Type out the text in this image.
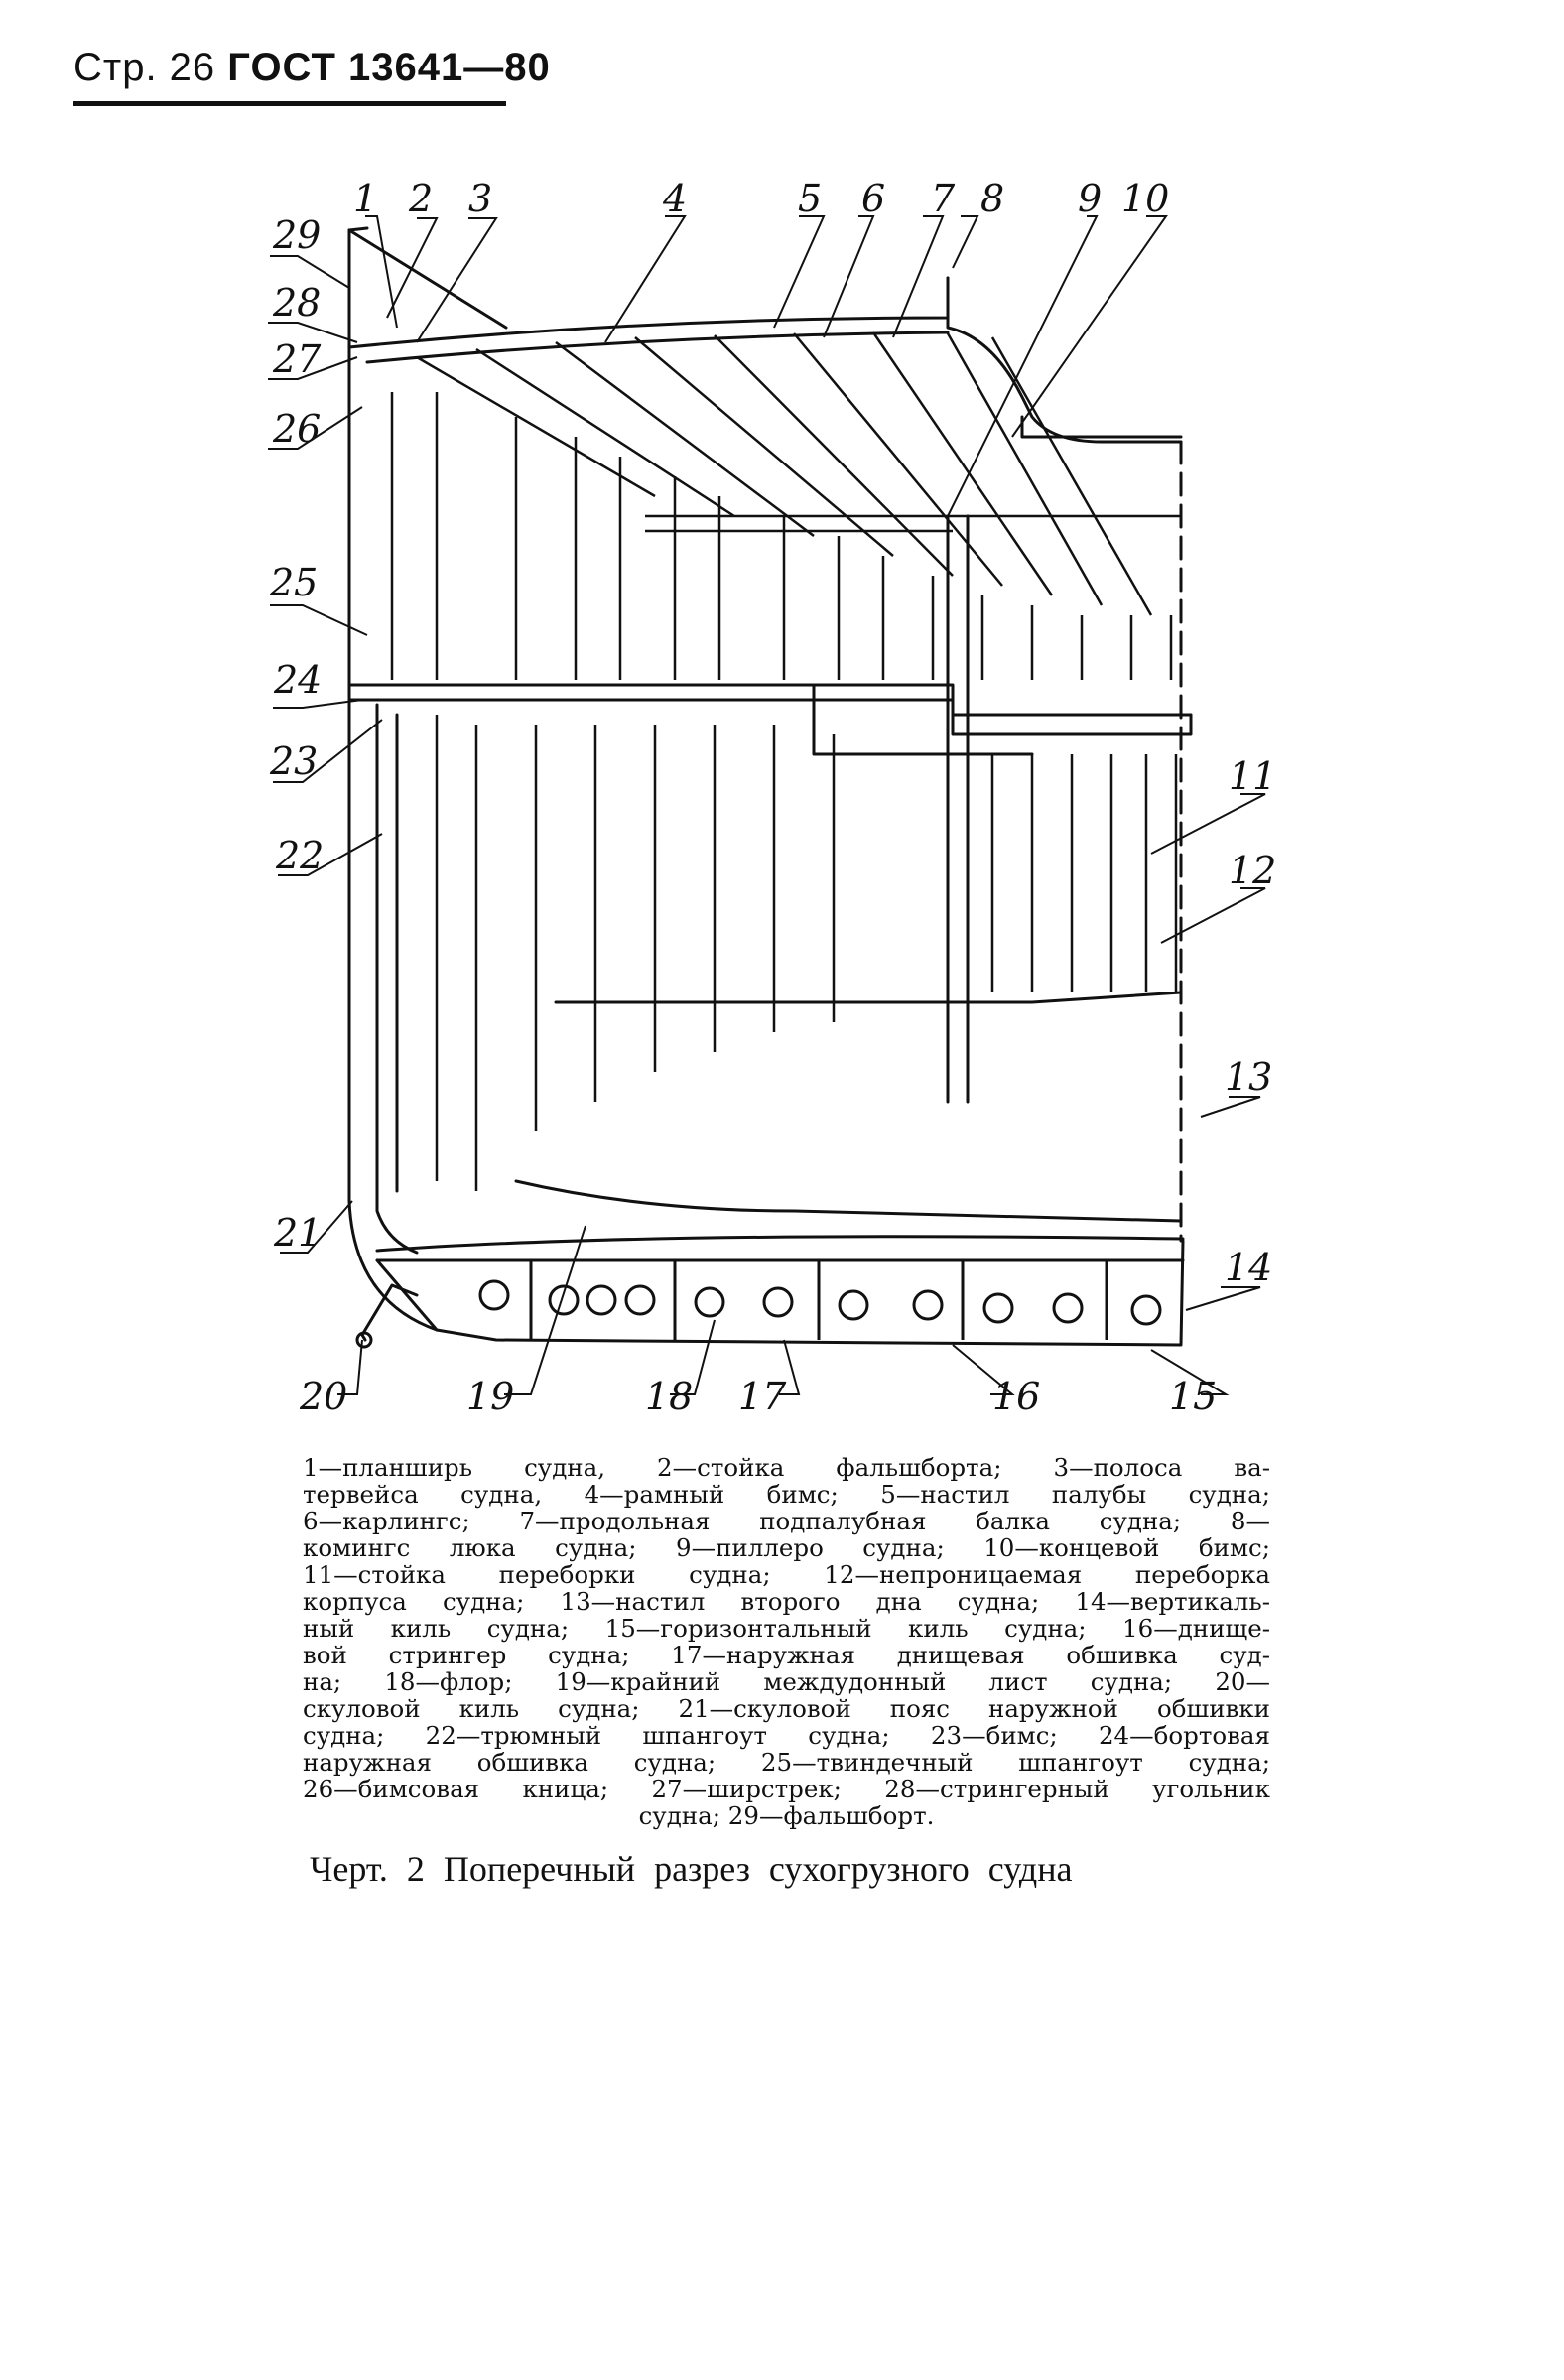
Стр. 26 ГОСТ 13641—80
1 2 3	4	5 6 7 8 9 10
11
12
13
14
15
16
17
18
19
20
21
22
23
24
25
26
27
28
29
1—планширь судна, 2—стойка фальшборта; 3—полоса ва-
тервейса судна, 4—рамный бимс; 5—настил палубы судна;
6—карлингс; 7—продольная подпалубная балка судна; 8—
комингс люка судна; 9—пиллеро судна; 10—концевой бимс;
11—стойка переборки судна; 12—непроницаемая переборка
корпуса судна; 13—настил второго дна судна; 14—вертикаль-
ный киль судна; 15—горизонтальный киль судна; 16—днище-
вой стрингер судна; 17—наружная днищевая обшивка суд-
на; 18—флор; 19—крайний междудонный лист судна; 20—
скуловой киль судна; 21—скуловой пояс наружной обшивки
судна; 22—трюмный шпангоут судна; 23—бимс; 24—бортовая
наружная обшивка судна; 25—твиндечный шпангоут судна;
26—бимсовая кница; 27—ширстрек; 28—стрингерный угольник
судна; 29—фальшборт.
Черт. 2 Поперечный разрез сухогрузного судна
